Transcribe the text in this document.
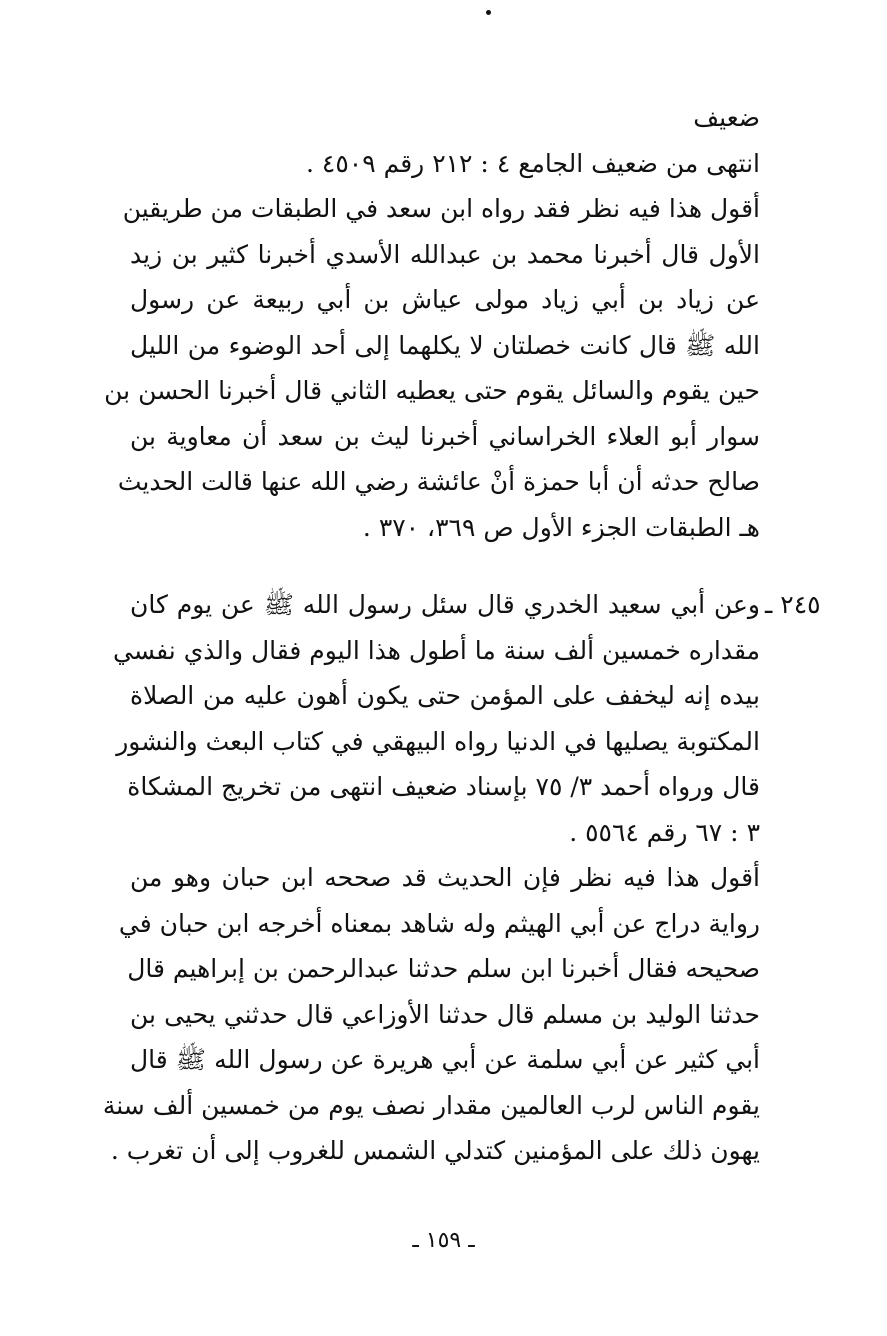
ضعيف
انتهى من ضعيف الجامع ٤ : ٢١٢ رقم ٤٥٠٩ .
أقول هذا فيه نظر فقد رواه ابن سعد في الطبقات من طريقين
الأول قال أخبرنا محمد بن عبدالله الأسدي أخبرنا كثير بن زيد
عن زياد بن أبي زياد مولى عياش بن أبي ربيعة عن رسول
الله ﷺ قال كانت خصلتان لا يكلهما إلى أحد الوضوء من الليل
حين يقوم والسائل يقوم حتى يعطيه الثاني قال أخبرنا الحسن بن
سوار أبو العلاء الخراساني أخبرنا ليث بن سعد أن معاوية بن
صالح حدثه أن أبا حمزة أنْ عائشة رضي الله عنها قالت الحديث
هـ الطبقات الجزء الأول ص ٣٦٩، ٣٧٠ .
٢٤٥ ـ
وعن أبي سعيد الخدري قال سئل رسول الله ﷺ عن يوم كان
مقداره خمسين ألف سنة ما أطول هذا اليوم فقال والذي نفسي
بيده إنه ليخفف على المؤمن حتى يكون أهون عليه من الصلاة
المكتوبة يصليها في الدنيا رواه البيهقي في كتاب البعث والنشور
قال ورواه أحمد ٣/ ٧٥ بإسناد ضعيف انتهى من تخريج المشكاة
٣ : ٦٧ رقم ٥٥٦٤ .
أقول هذا فيه نظر فإن الحديث قد صححه ابن حبان وهو من
رواية دراج عن أبي الهيثم وله شاهد بمعناه أخرجه ابن حبان في
صحيحه فقال أخبرنا ابن سلم حدثنا عبدالرحمن بن إبراهيم قال
حدثنا الوليد بن مسلم قال حدثنا الأوزاعي قال حدثني يحيى بن
أبي كثير عن أبي سلمة عن أبي هريرة عن رسول الله ﷺ قال
يقوم الناس لرب العالمين مقدار نصف يوم من خمسين ألف سنة
يهون ذلك على المؤمنين كتدلي الشمس للغروب إلى أن تغرب .
ـ ١٥٩ ـ
